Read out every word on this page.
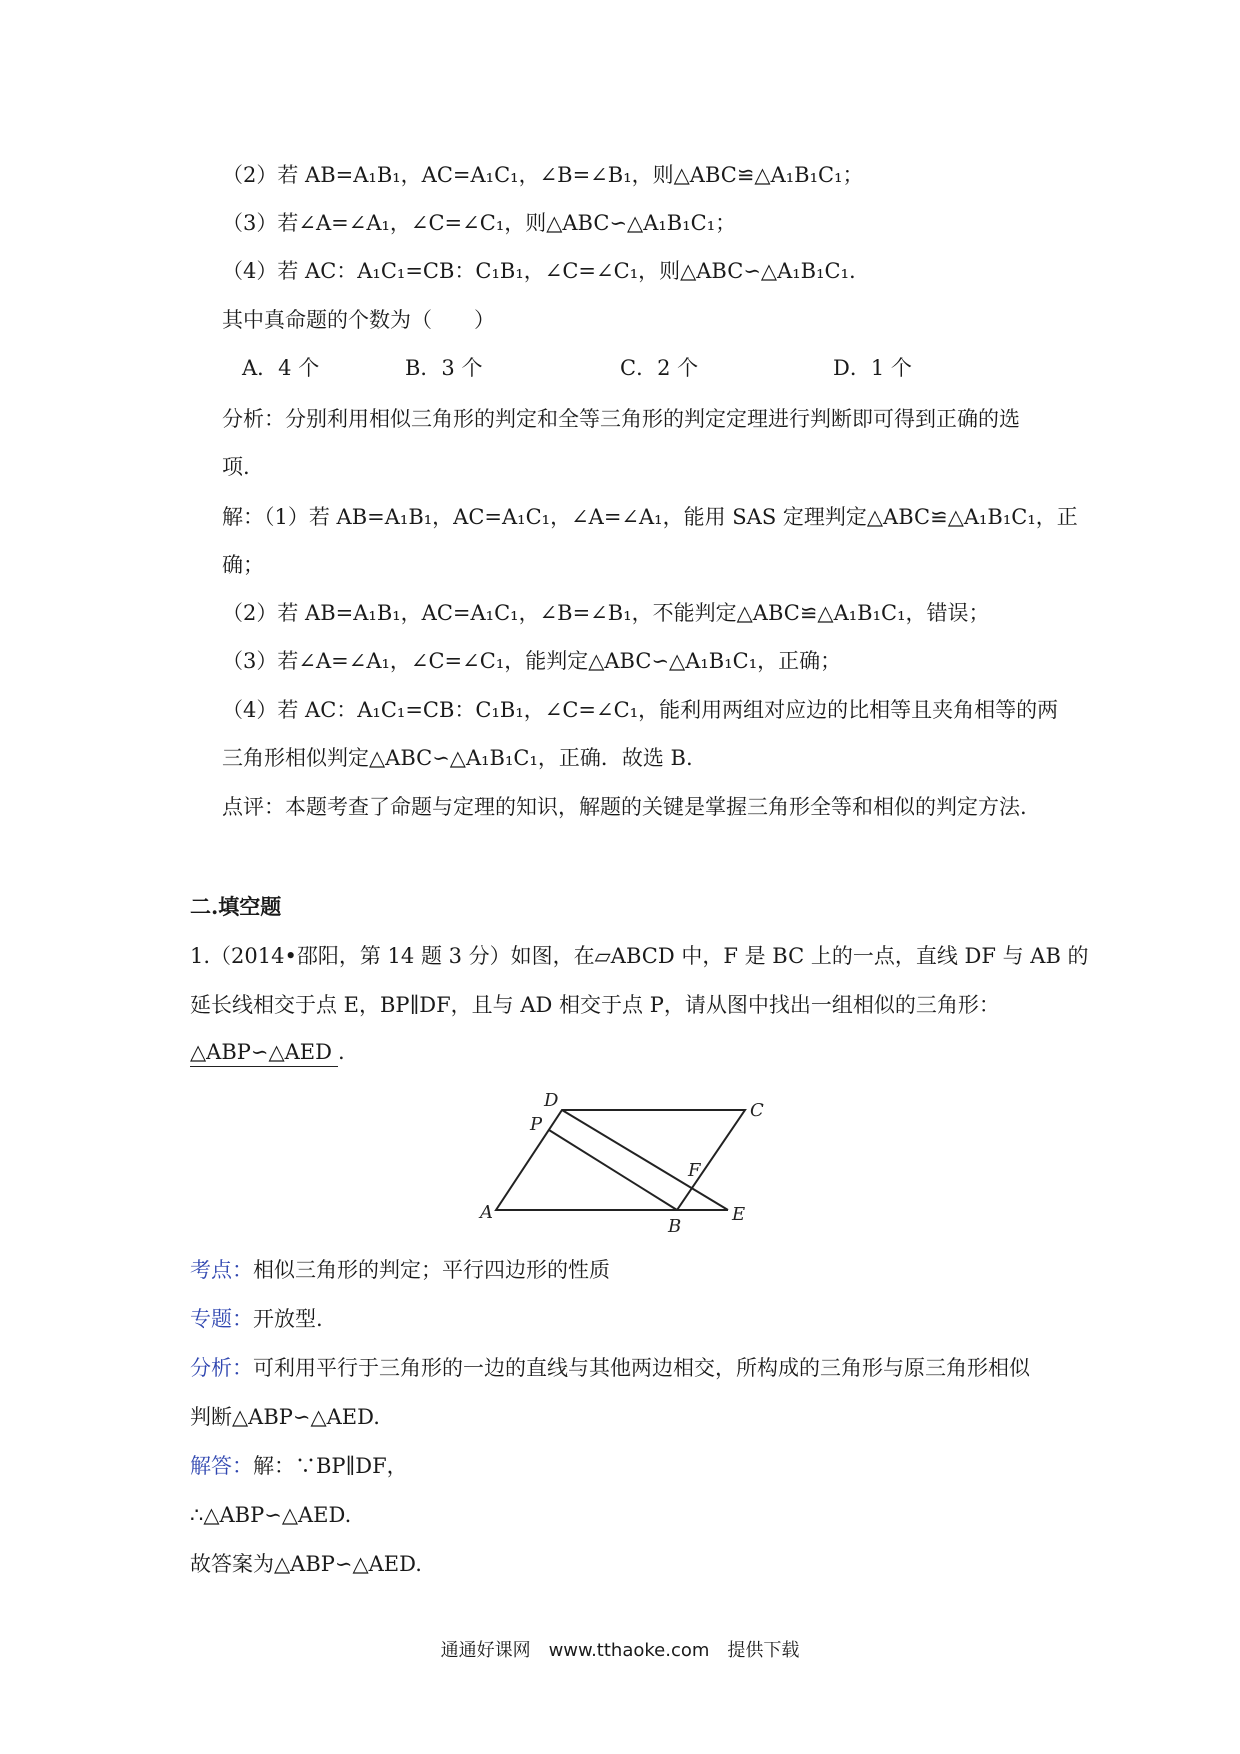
（2）若 AB=A₁B₁，AC=A₁C₁，∠B=∠B₁，则△ABC≌△A₁B₁C₁；
（3）若∠A=∠A₁，∠C=∠C₁，则△ABC∽△A₁B₁C₁；
（4）若 AC：A₁C₁=CB：C₁B₁，∠C=∠C₁，则△ABC∽△A₁B₁C₁.
其中真命题的个数为（　　）
A．4 个	B．3 个	C．2 个	D．1 个
分析：分别利用相似三角形的判定和全等三角形的判定定理进行判断即可得到正确的选
项.
解：（1）若 AB=A₁B₁，AC=A₁C₁，∠A=∠A₁，能用 SAS 定理判定△ABC≌△A₁B₁C₁，正
确；
（2）若 AB=A₁B₁，AC=A₁C₁，∠B=∠B₁，不能判定△ABC≌△A₁B₁C₁，错误；
（3）若∠A=∠A₁，∠C=∠C₁，能判定△ABC∽△A₁B₁C₁，正确；
（4）若 AC：A₁C₁=CB：C₁B₁，∠C=∠C₁，能利用两组对应边的比相等且夹角相等的两
三角形相似判定△ABC∽△A₁B₁C₁，正确．故选 B.
点评：本题考查了命题与定理的知识，解题的关键是掌握三角形全等和相似的判定方法.
二.填空题
1.（2014•邵阳，第 14 题 3 分）如图，在▱ABCD 中，F 是 BC 上的一点，直线 DF 与 AB 的
延长线相交于点 E，BP∥DF，且与 AD 相交于点 P，请从图中找出一组相似的三角形：
△ABP∽△AED .
D	C
P
F
A
B
E
考点：相似三角形的判定；平行四边形的性质
专题：开放型.
分析：可利用平行于三角形的一边的直线与其他两边相交，所构成的三角形与原三角形相似
判断△ABP∽△AED.
解答：解：∵BP∥DF，
∴△ABP∽△AED.
故答案为△ABP∽△AED.
通通好课网　www.tthaoke.com　提供下载
